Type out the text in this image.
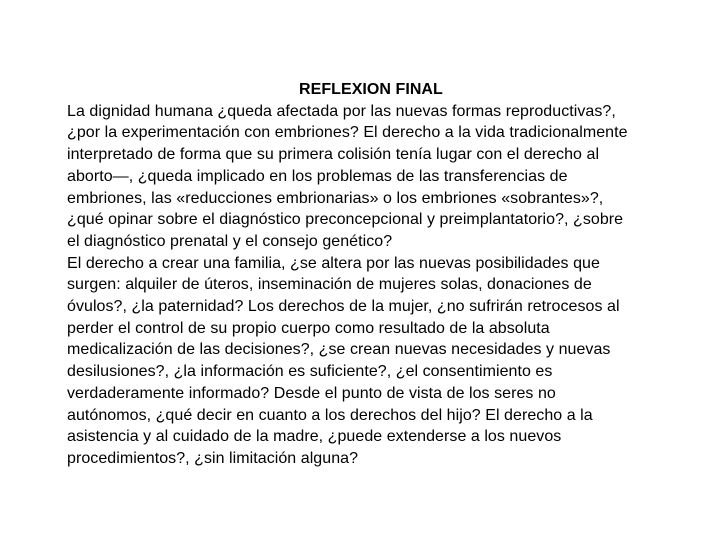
REFLEXION FINAL

La dignidad humana ¿queda afectada por las nuevas formas reproductivas?,
¿por la experimentación con embriones? El derecho a la vida tradicionalmente
interpretado de forma que su primera colisión tenía lugar con el derecho al
aborto—, ¿queda implicado en los problemas de las transferencias de
embriones, las «reducciones embrionarias» o los embriones «sobrantes»?,
¿qué opinar sobre el diagnóstico preconcepcional y preimplantatorio?, ¿sobre
el diagnóstico prenatal y el consejo genético?

El derecho a crear una familia, ¿se altera por las nuevas posibilidades que
surgen: alquiler de úteros, inseminación de mujeres solas, donaciones de
óvulos?, ¿la paternidad? Los derechos de la mujer, ¿no sufrirán retrocesos al
perder el control de su propio cuerpo como resultado de la absoluta
medicalización de las decisiones?, ¿se crean nuevas necesidades y nuevas
desilusiones?, ¿la información es suficiente?, ¿el consentimiento es
verdaderamente informado? Desde el punto de vista de los seres no
autónomos, ¿qué decir en cuanto a los derechos del hijo? El derecho a la
asistencia y al cuidado de la madre, ¿puede extenderse a los nuevos
procedimientos?, ¿sin limitación alguna?
